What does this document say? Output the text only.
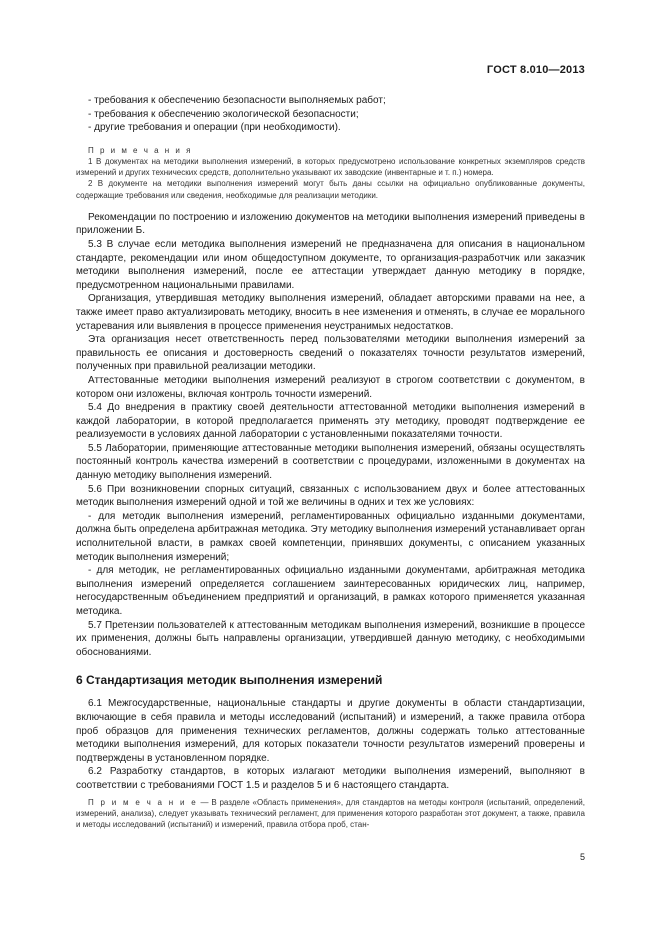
ГОСТ 8.010—2013

- требования к обеспечению безопасности выполняемых работ;

- требования к обеспечению экологической безопасности;

- другие требования и операции (при необходимости).

П р и м е ч а н и я

1 В документах на методики выполнения измерений, в которых предусмотрено использование конкретных экземпляров средств измерений и других технических средств, дополнительно указывают их заводские (инвентарные и т. п.) номера.

2 В документе на методики выполнения измерений могут быть даны ссылки на официально опубликованные документы, содержащие требования или сведения, необходимые для реализации методики.

Рекомендации по построению и изложению документов на методики выполнения измерений приведены в приложении Б.

5.3 В случае если методика выполнения измерений не предназначена для описания в национальном стандарте, рекомендации или ином общедоступном документе, то организация-разработчик или заказчик методики выполнения измерений, после ее аттестации утверждает данную методику в порядке, предусмотренном национальными правилами.

Организация, утвердившая методику выполнения измерений, обладает авторскими правами на нее, а также имеет право актуализировать методику, вносить в нее изменения и отменять, в случае ее морального устаревания или выявления в процессе применения неустранимых недостатков.

Эта организация несет ответственность перед пользователями методики выполнения измерений за правильность ее описания и достоверность сведений о показателях точности результатов измерений, полученных при правильной реализации методики.

Аттестованные методики выполнения измерений реализуют в строгом соответствии с документом, в котором они изложены, включая контроль точности измерений.

5.4 До внедрения в практику своей деятельности аттестованной методики выполнения измерений в каждой лаборатории, в которой предполагается применять эту методику, проводят подтверждение ее реализуемости в условиях данной лаборатории с установленными показателями точности.

5.5 Лаборатории, применяющие аттестованные методики выполнения измерений, обязаны осуществлять постоянный контроль качества измерений в соответствии с процедурами, изложенными в документах на данную методику выполнения измерений.

5.6 При возникновении спорных ситуаций, связанных с использованием двух и более аттестованных методик выполнения измерений одной и той же величины в одних и тех же условиях:

- для методик выполнения измерений, регламентированных официально изданными документами, должна быть определена арбитражная методика. Эту методику выполнения измерений устанавливает орган исполнительной власти, в рамках своей компетенции, принявших документы, с описанием указанных методик выполнения измерений;

- для методик, не регламентированных официально изданными документами, арбитражная методика выполнения измерений определяется соглашением заинтересованных юридических лиц, например, негосударственным объединением предприятий и организаций, в рамках которого применяется указанная методика.

5.7 Претензии пользователей к аттестованным методикам выполнения измерений, возникшие в процессе их применения, должны быть направлены организации, утвердившей данную методику, с необходимыми обоснованиями.

6 Стандартизация методик выполнения измерений

6.1 Межгосударственные, национальные стандарты и другие документы в области стандартизации, включающие в себя правила и методы исследований (испытаний) и измерений, а также правила отбора проб образцов для применения технических регламентов, должны содержать только аттестованные методики выполнения измерений, для которых показатели точности результатов измерений проверены и подтверждены в установленном порядке.

6.2 Разработку стандартов, в которых излагают методики выполнения измерений, выполняют в соответствии с требованиями ГОСТ 1.5 и разделов 5 и 6 настоящего стандарта.

П р и м е ч а н и е — В разделе «Область применения», для стандартов на методы контроля (испытаний, определений, измерений, анализа), следует указывать технический регламент, для применения которого разработан этот документ, а также, правила и методы исследований (испытаний) и измерений, правила отбора проб, стан-

5
